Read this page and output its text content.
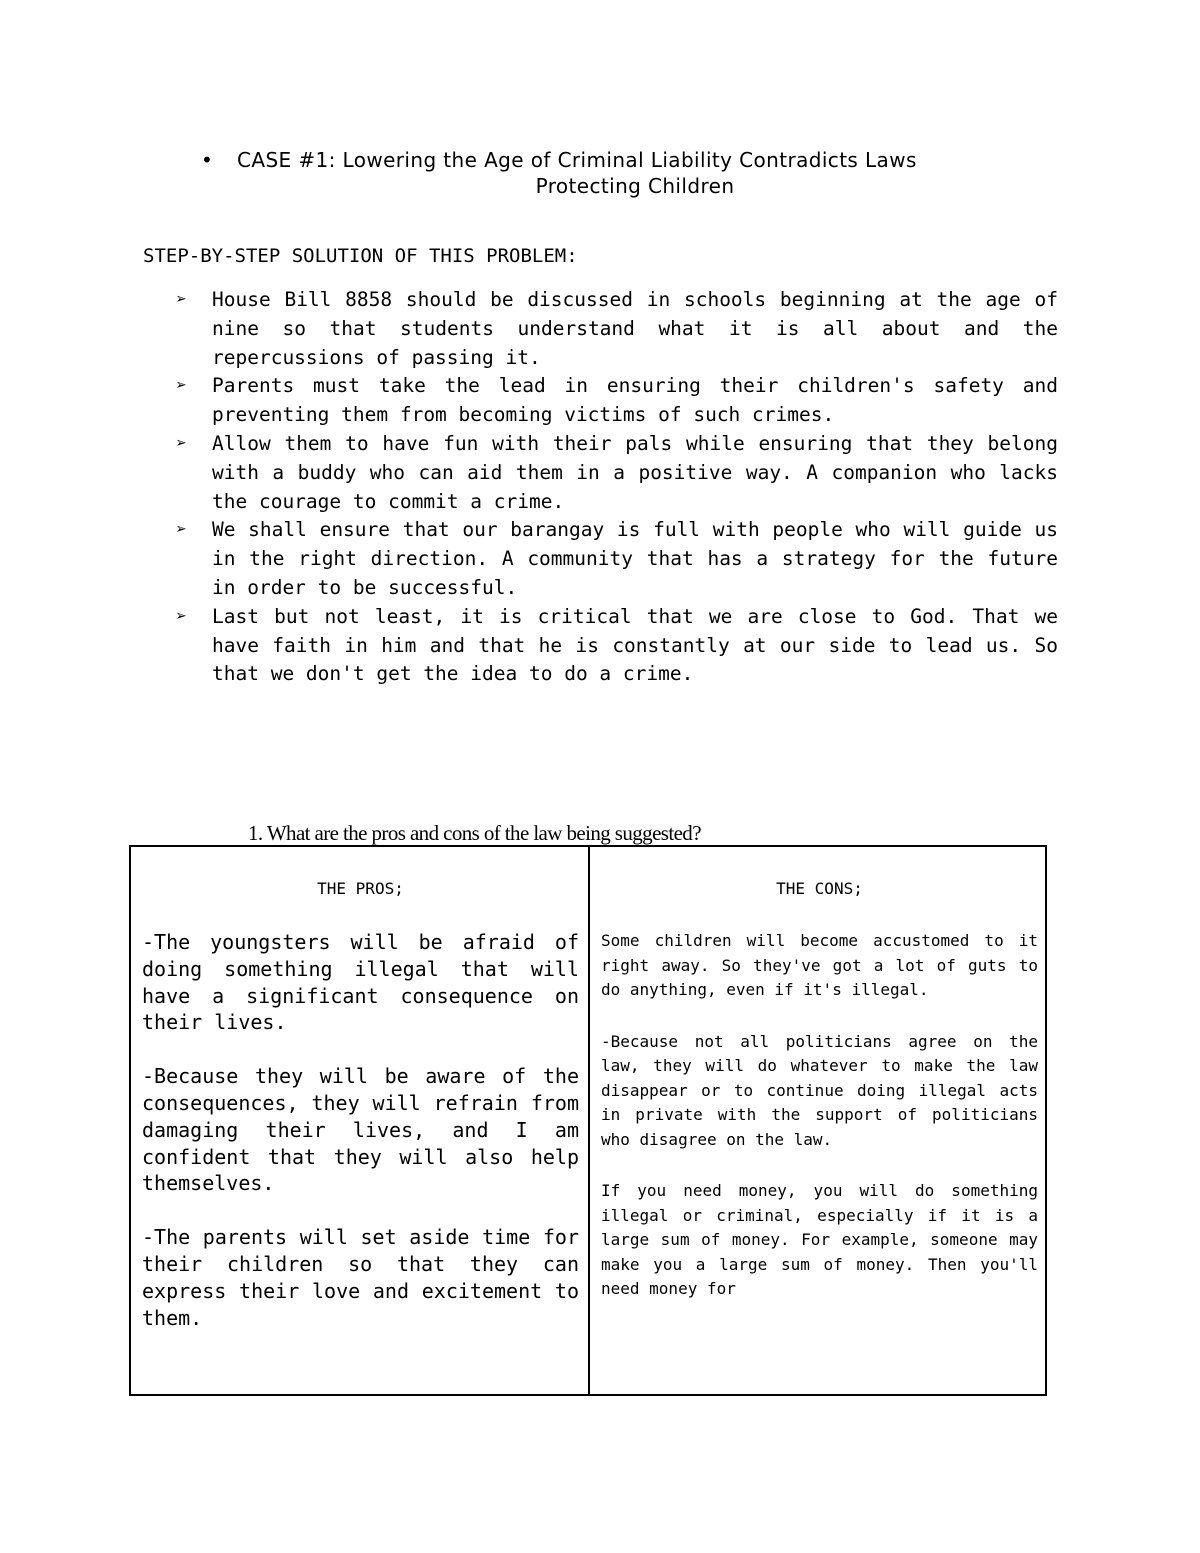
• CASE #1: Lowering the Age of Criminal Liability Contradicts Laws
Protecting Children
STEP-BY-STEP SOLUTION OF THIS PROBLEM:
➢ House Bill 8858 should be discussed in schools beginning at the age of nine so that students understand what it is all about and the repercussions of passing it.
➢ Parents must take the lead in ensuring their children's safety and preventing them from becoming victims of such crimes.
➢ Allow them to have fun with their pals while ensuring that they belong with a buddy who can aid them in a positive way. A companion who lacks the courage to commit a crime.
➢ We shall ensure that our barangay is full with people who will guide us in the right direction. A community that has a strategy for the future in order to be successful.
➢ Last but not least, it is critical that we are close to God. That we have faith in him and that he is constantly at our side to lead us. So that we don't get the idea to do a crime.
1. What are the pros and cons of the law being suggested?
THE PROS;

-The youngsters will be afraid of doing something illegal that will have a significant consequence on their lives.

-Because they will be aware of the consequences, they will refrain from damaging their lives, and I am confident that they will also help themselves.

-The parents will set aside time for their children so that they can express their love and excitement to them.

THE CONS;

Some children will become accustomed to it right away. So they've got a lot of guts to do anything, even if it's illegal.

-Because not all politicians agree on the law, they will do whatever to make the law disappear or to continue doing illegal acts in private with the support of politicians who disagree on the law.

If you need money, you will do something illegal or criminal, especially if it is a large sum of money. For example, someone may make you a large sum of money. Then you'll need money for
